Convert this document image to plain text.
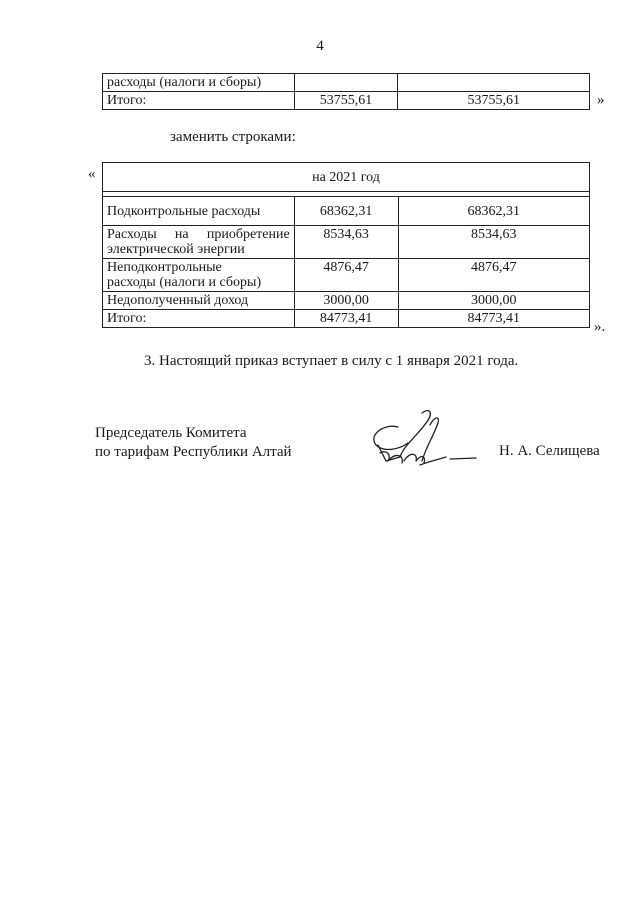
4
расходы (налоги и сборы)		
Итого:	53755,61	53755,61	»
заменить строками:
«	на 2021 год		

Подконтрольные расходы	68362,31	68362,31

Расходы на приобретение
электрической энергии	8534,63	8534,63

Неподконтрольные
расходы (налоги и сборы)	4876,47	4876,47
Недополученный доход	3000,00	3000,00
Итого:	84773,41	84773,41
».
3. Настоящий приказ вступает в силу с 1 января 2021 года.
Председатель Комитета
по тарифам Республики Алтай	Н. А. Селищева
